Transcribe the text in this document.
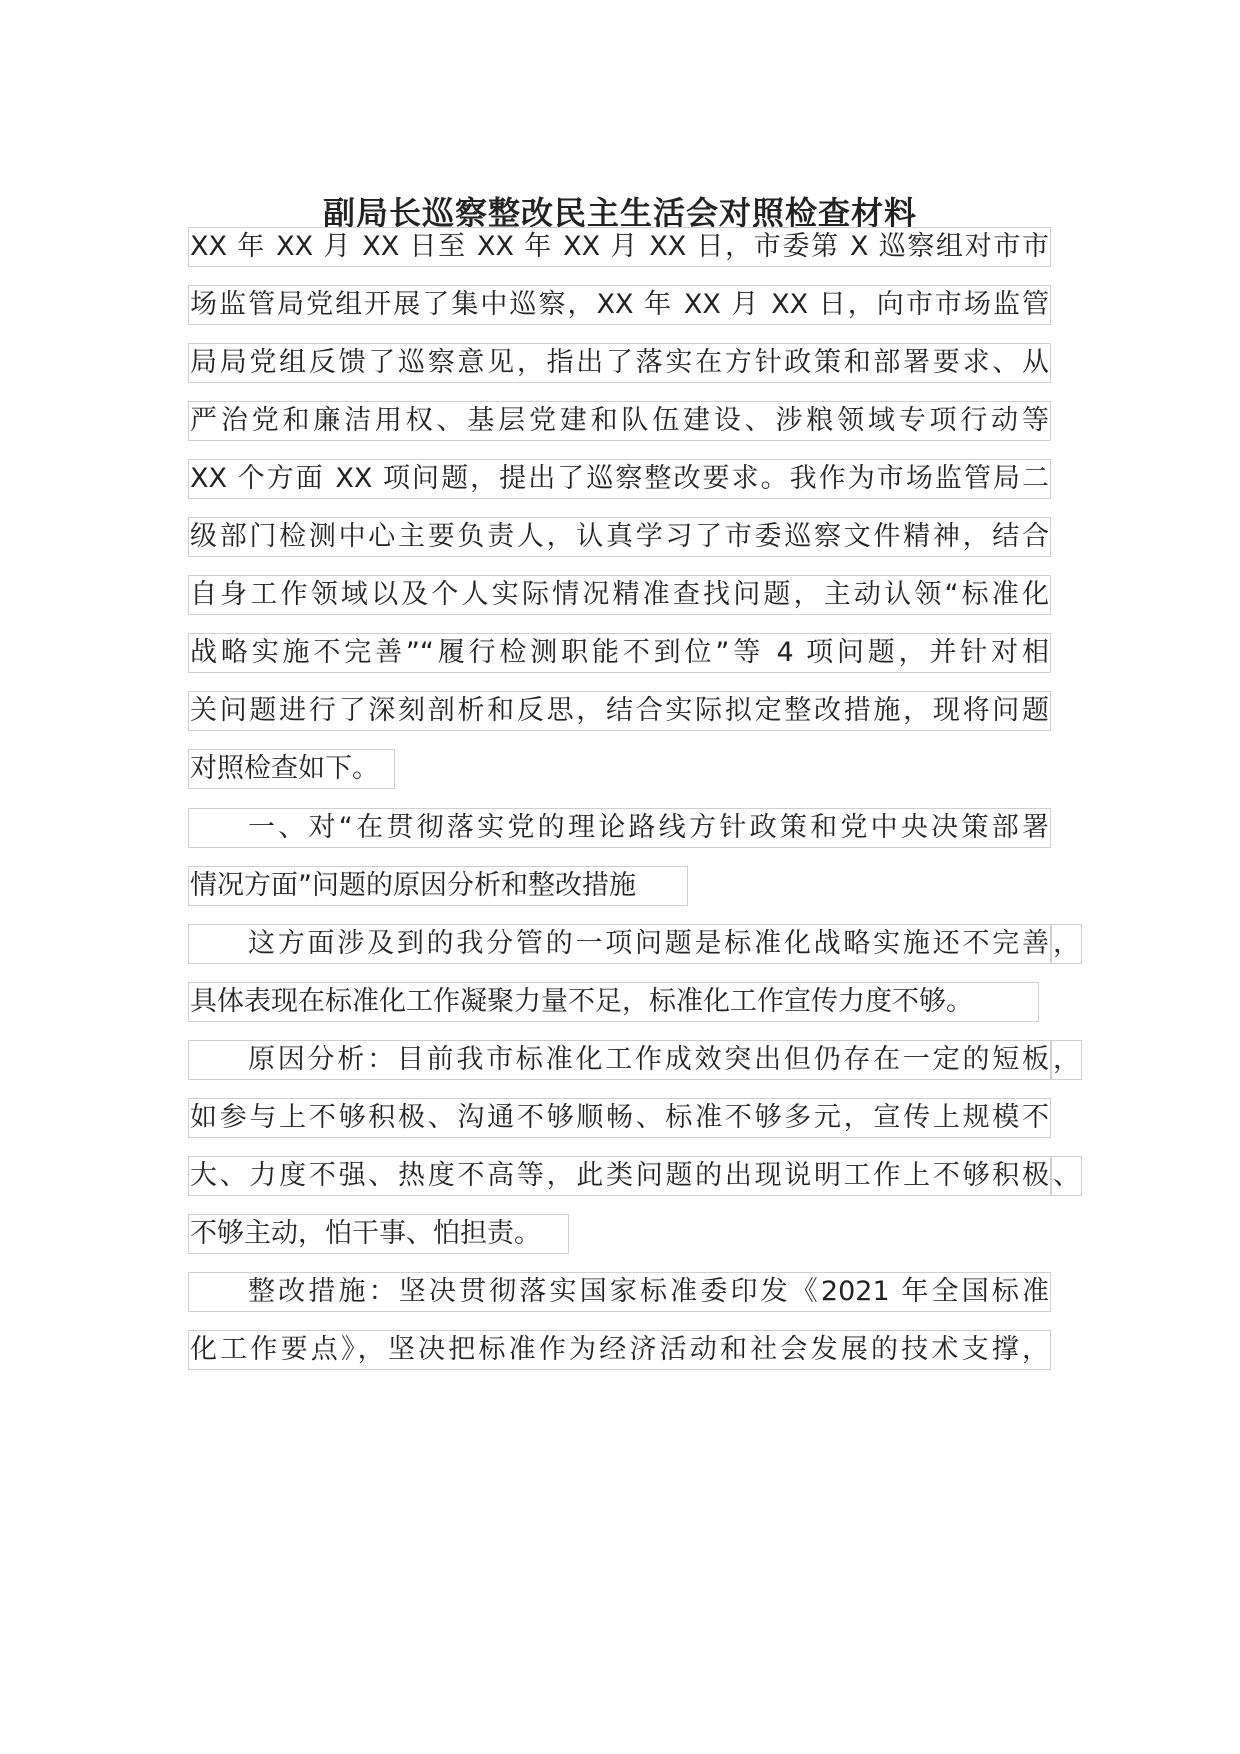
副局长巡察整改民主生活会对照检查材料
XX 年 XX 月 XX 日至 XX 年 XX 月 XX 日，市委第 X 巡察组对市市
场监管局党组开展了集中巡察，XX 年 XX 月 XX 日，向市市场监管
局局党组反馈了巡察意见，指出了落实在方针政策和部署要求、从
严治党和廉洁用权、基层党建和队伍建设、涉粮领域专项行动等
XX 个方面 XX 项问题，提出了巡察整改要求。我作为市场监管局二
级部门检测中心主要负责人，认真学习了市委巡察文件精神，结合
自身工作领域以及个人实际情况精准查找问题，主动认领“标准化
战略实施不完善”“履行检测职能不到位”等 4 项问题，并针对相
关问题进行了深刻剖析和反思，结合实际拟定整改措施，现将问题
对照检查如下。
一、对“在贯彻落实党的理论路线方针政策和党中央决策部署
情况方面”问题的原因分析和整改措施
这方面涉及到的我分管的一项问题是标准化战略实施还不完善 ，
具体表现在标准化工作凝聚力量不足，标准化工作宣传力度不够。
原因分析：目前我市标准化工作成效突出但仍存在一定的短板 ，
如参与上不够积极、沟通不够顺畅、标准不够多元，宣传上规模不
大、力度不强、热度不高等，此类问题的出现说明工作上不够积极 、
不够主动，怕干事、怕担责。
整改措施：坚决贯彻落实国家标准委印发《2021 年全国标准
化工作要点》，坚决把标准作为经济活动和社会发展的技术支撑，
